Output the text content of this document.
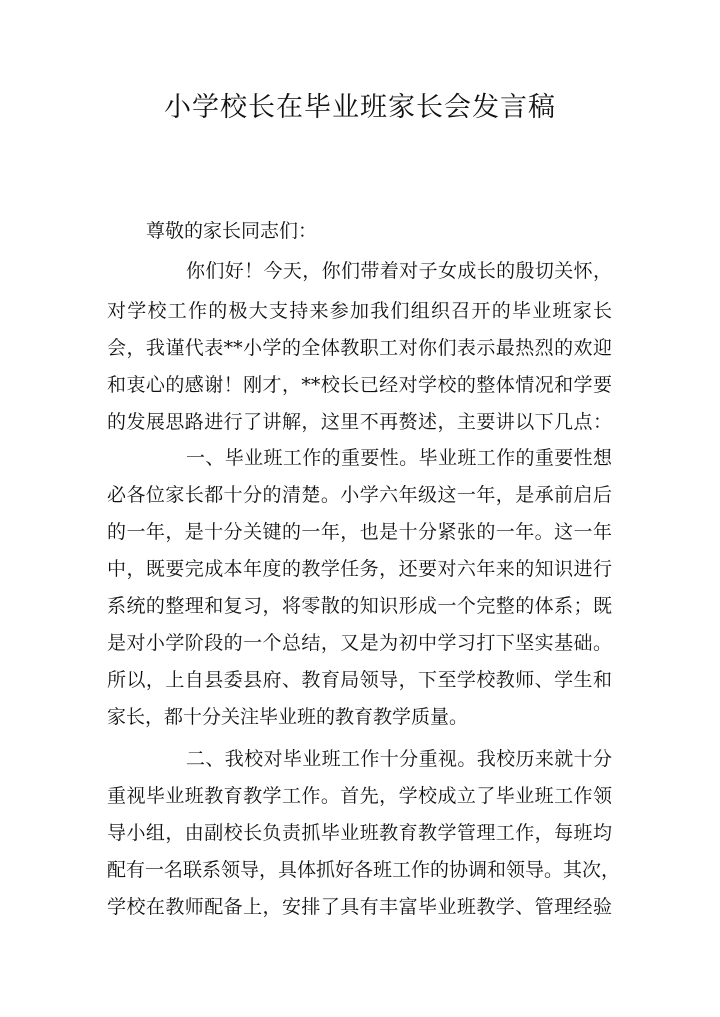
小学校长在毕业班家长会发言稿
尊敬的家长同志们：
你们好！今天，你们带着对子女成长的殷切关怀，
对学校工作的极大支持来参加我们组织召开的毕业班家长
会，我谨代表**小学的全体教职工对你们表示最热烈的欢迎
和衷心的感谢！刚才，**校长已经对学校的整体情况和学要
的发展思路进行了讲解，这里不再赘述，主要讲以下几点：
一、毕业班工作的重要性。毕业班工作的重要性想
必各位家长都十分的清楚。小学六年级这一年，是承前启后
的一年，是十分关键的一年，也是十分紧张的一年。这一年
中，既要完成本年度的教学任务，还要对六年来的知识进行
系统的整理和复习，将零散的知识形成一个完整的体系；既
是对小学阶段的一个总结，又是为初中学习打下坚实基础。
所以，上自县委县府、教育局领导，下至学校教师、学生和
家长，都十分关注毕业班的教育教学质量。
二、我校对毕业班工作十分重视。我校历来就十分
重视毕业班教育教学工作。首先，学校成立了毕业班工作领
导小组，由副校长负责抓毕业班教育教学管理工作，每班均
配有一名联系领导，具体抓好各班工作的协调和领导。其次，
学校在教师配备上，安排了具有丰富毕业班教学、管理经验
